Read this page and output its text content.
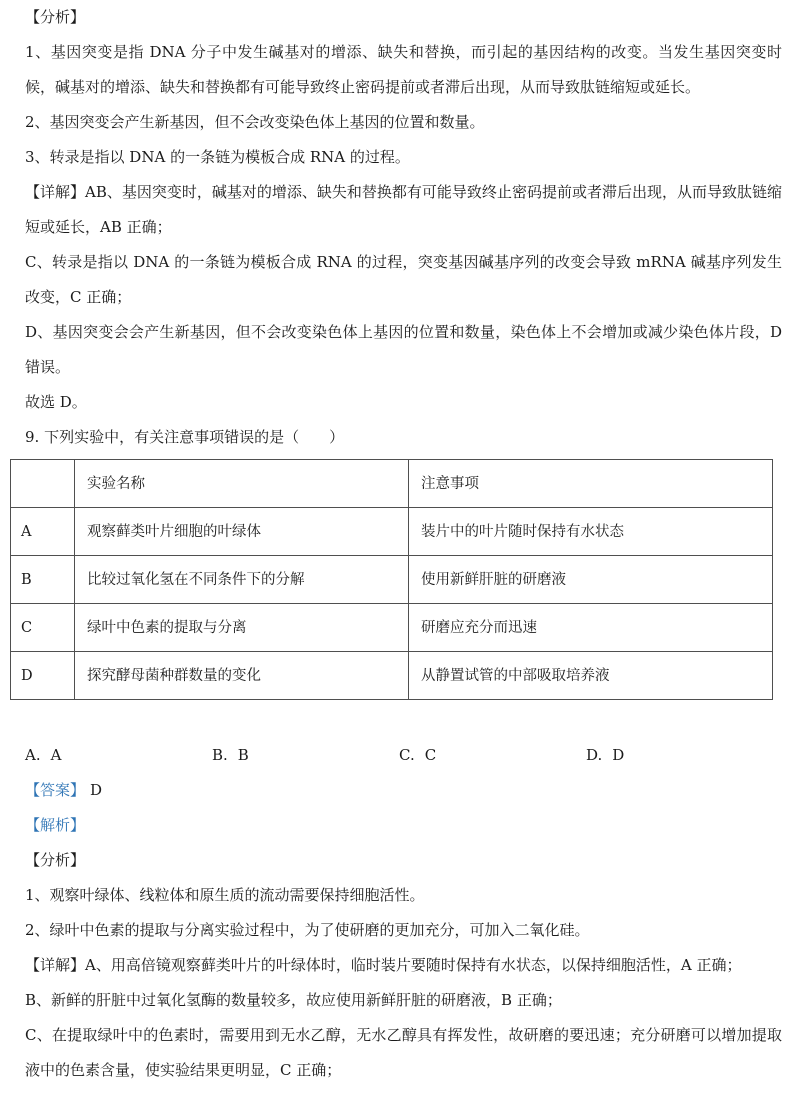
【分析】

1、基因突变是指 DNA 分子中发生碱基对的增添、缺失和替换，而引起的基因结构的改变。当发生基因突变时候，碱基对的增添、缺失和替换都有可能导致终止密码提前或者滞后出现，从而导致肽链缩短或延长。

2、基因突变会产生新基因，但不会改变染色体上基因的位置和数量。

3、转录是指以 DNA 的一条链为模板合成 RNA 的过程。

【详解】AB、基因突变时，碱基对的增添、缺失和替换都有可能导致终止密码提前或者滞后出现，从而导致肽链缩短或延长，AB 正确；

C、转录是指以 DNA 的一条链为模板合成 RNA 的过程，突变基因碱基序列的改变会导致 mRNA 碱基序列发生改变，C 正确；

D、基因突变会会产生新基因，但不会改变染色体上基因的位置和数量，染色体上不会增加或减少染色体片段，D 错误。

故选 D。

9. 下列实验中，有关注意事项错误的是（　　）

	实验名称	注意事项
A	观察藓类叶片细胞的叶绿体	装片中的叶片随时保持有水状态
B	比较过氧化氢在不同条件下的分解	使用新鲜肝脏的研磨液
C	绿叶中色素的提取与分离	研磨应充分而迅速
D	探究酵母菌种群数量的变化	从静置试管的中部吸取培养液
A. A	B. B	C. C	D. D

【答案】 D

【解析】

【分析】

1、观察叶绿体、线粒体和原生质的流动需要保持细胞活性。

2、绿叶中色素的提取与分离实验过程中，为了使研磨的更加充分，可加入二氧化硅。

【详解】A、用高倍镜观察藓类叶片的叶绿体时，临时装片要随时保持有水状态，以保持细胞活性，A 正确；

B、新鲜的肝脏中过氧化氢酶的数量较多，故应使用新鲜肝脏的研磨液，B 正确；

C、在提取绿叶中的色素时，需要用到无水乙醇，无水乙醇具有挥发性，故研磨的要迅速；充分研磨可以增加提取液中的色素含量，使实验结果更明显，C 正确；
